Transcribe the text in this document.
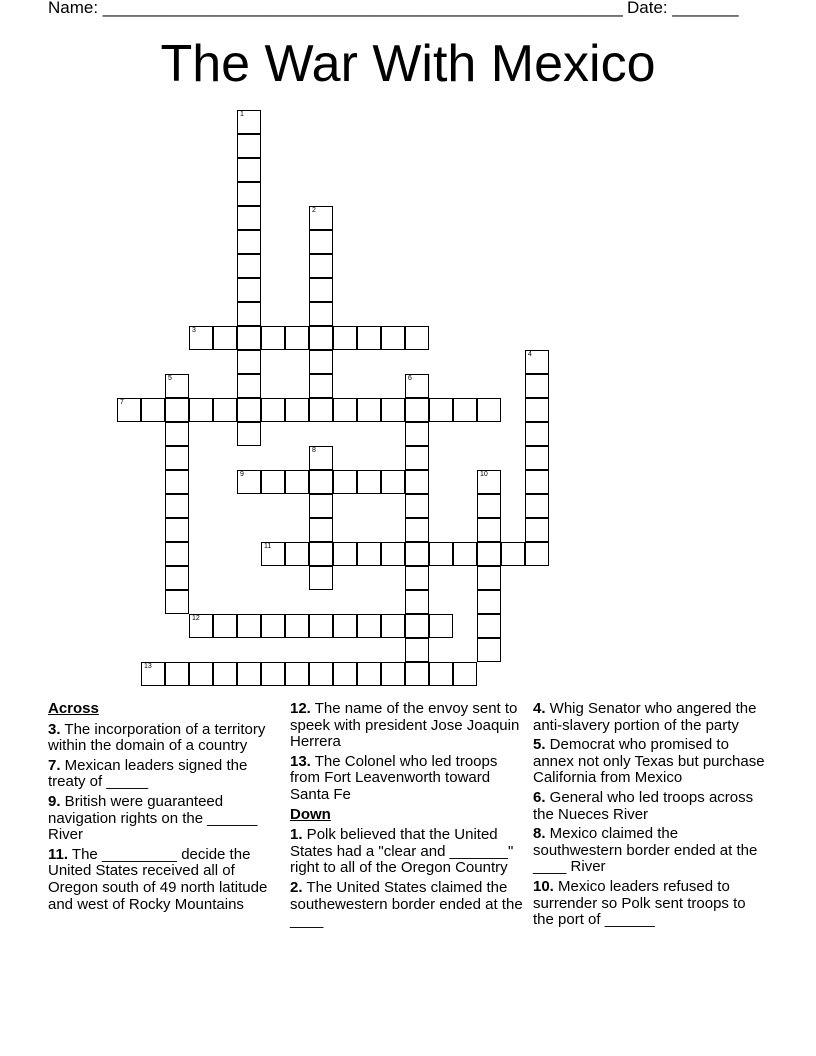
Name: _______________________________________________________ Date: _______
The War With Mexico
1
2
3
4
5	6
7
8
9	10
11
12
13
Across
3. The incorporation of a territory within the domain of a country
7. Mexican leaders signed the treaty of _____
9. British were guaranteed navigation rights on the ______ River
11. The _________ decide the United States received all of Oregon south of 49 north latitude and west of Rocky Mountains
12. The name of the envoy sent to speek with president Jose Joaquin Herrera
13. The Colonel who led troops from Fort Leavenworth toward Santa Fe
Down
1. Polk believed that the United States had a "clear and _______" right to all of the Oregon Country
2. The United States claimed the southewestern border ended at the ____
4. Whig Senator who angered the anti-slavery portion of the party
5. Democrat who promised to annex not only Texas but purchase California from Mexico
6. General who led troops across the Nueces River
8. Mexico claimed the southwestern border ended at the ____ River
10. Mexico leaders refused to surrender so Polk sent troops to the port of ______
